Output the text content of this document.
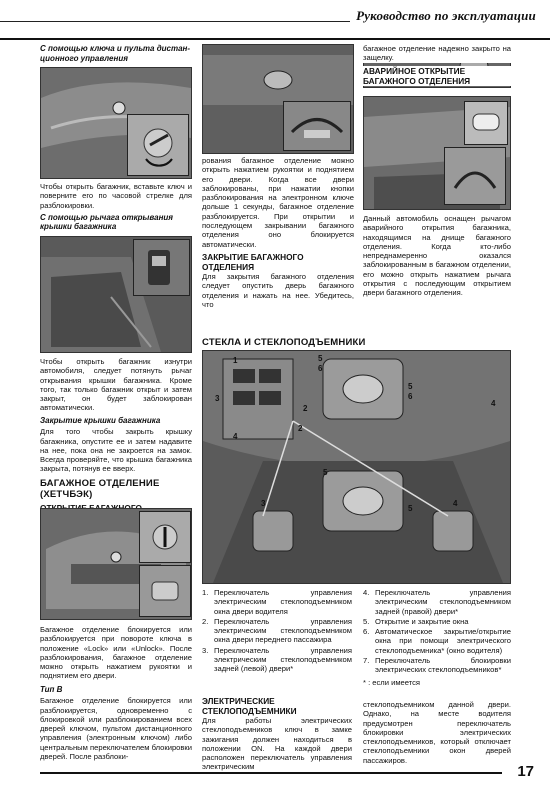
Руководство по эксплуатации
С помощью ключа и пульта дистан-
ционного управления

Чтобы открыть багажник, вставьте ключ и поверните его по часовой стрелке для разблокировки.

С помощью рычага открывания крышки багажника

Чтобы открыть багажник изнутри автомобиля, следует потянуть рычаг открывания крышки багажника. Кроме того, так только багажник открыт и затем закрыт, он будет заблокирован автоматически.

Закрытие крышки багажника

Для того чтобы закрыть крышку багажника, опустите ее и затем надавите на нее, пока она не закроется на замок. Всегда проверяйте, что крышка багажника закрыта, потянув ее вверх.

БАГАЖНОЕ ОТДЕЛЕНИЕ (ХЕТЧБЭК)

Багажное отделение блокируется или разблокируется при повороте ключа в положение «Lock» или «Unlock». После разблокирования, багажное отделение можно открыть нажатием рукоятки и поднятием его двери.

Тип В

Багажное отделение блокируется или разблокируется, одновременно с блокировкой или разблокированием всех дверей ключом, пультом дистанционного управления (электронным ключом) либо центральным переключателем блокировки дверей. После разблоки-

рования багажное отделение можно открыть нажатием рукоятки и поднятием его двери. Когда все двери заблокированы, при нажатии кнопки разблокирования на электронном ключе дольше 1 секунды, багажное отделение разблокируется. При открытии и последующем закрывании багажного отделения оно блокируется автоматически.

ЗАКРЫТИЕ БАГАЖНОГО ОТДЕЛЕНИЯ

Для закрытия багажного отделения следует опустить дверь багажного отделения и нажать на нее. Убедитесь, что

багажное отделение надежно закрыто на защелку.

АВАРИЙНОЕ ОТКРЫТИЕ БАГАЖНОГО ОТДЕЛЕНИЯ

Данный автомобиль оснащен рычагом аварийного открытия багажника, находящимся на днище багажного отделения. Когда кто-либо непреднамеренно оказался заблокированным в багажном отделении, его можно открыть нажатием рычага открытия с последующим открытием двери багажного отделения.

СТЕКЛА И СТЕКЛОПОДЪЕМНИКИ
1
2
3
4
5
6
5
6
5
5
3	4
2
4
1. Переключатель управления электрическим стеклоподъемником окна двери водителя
2. Переключатель управления электрическим стеклоподъемником окна двери переднего пассажира
3. Переключатель управления электрическим стеклоподъемником задней (левой) двери*
4. Переключатель управления электрическим стеклоподъемником задней (правой) двери*
5. Открытие и закрытие окна
6. Автоматическое закрытие/открытие окна при помощи электрического стеклоподъемника* (окно водителя)
7. Переключатель блокировки электрических стеклоподъемников*
* : если имеется
ЭЛЕКТРИЧЕСКИЕ СТЕКЛОПОДЪЕМНИКИ

Для работы электрических стеклоподъемников ключ в замке зажигания должен находиться в положении ON. На каждой двери расположен переключатель управления электрическим

стеклоподъемником данной двери. Однако, на месте водителя предусмотрен переключатель блокировки электрических стеклоподъемников, который отключает стеклоподъемники окон дверей пассажиров.

17
